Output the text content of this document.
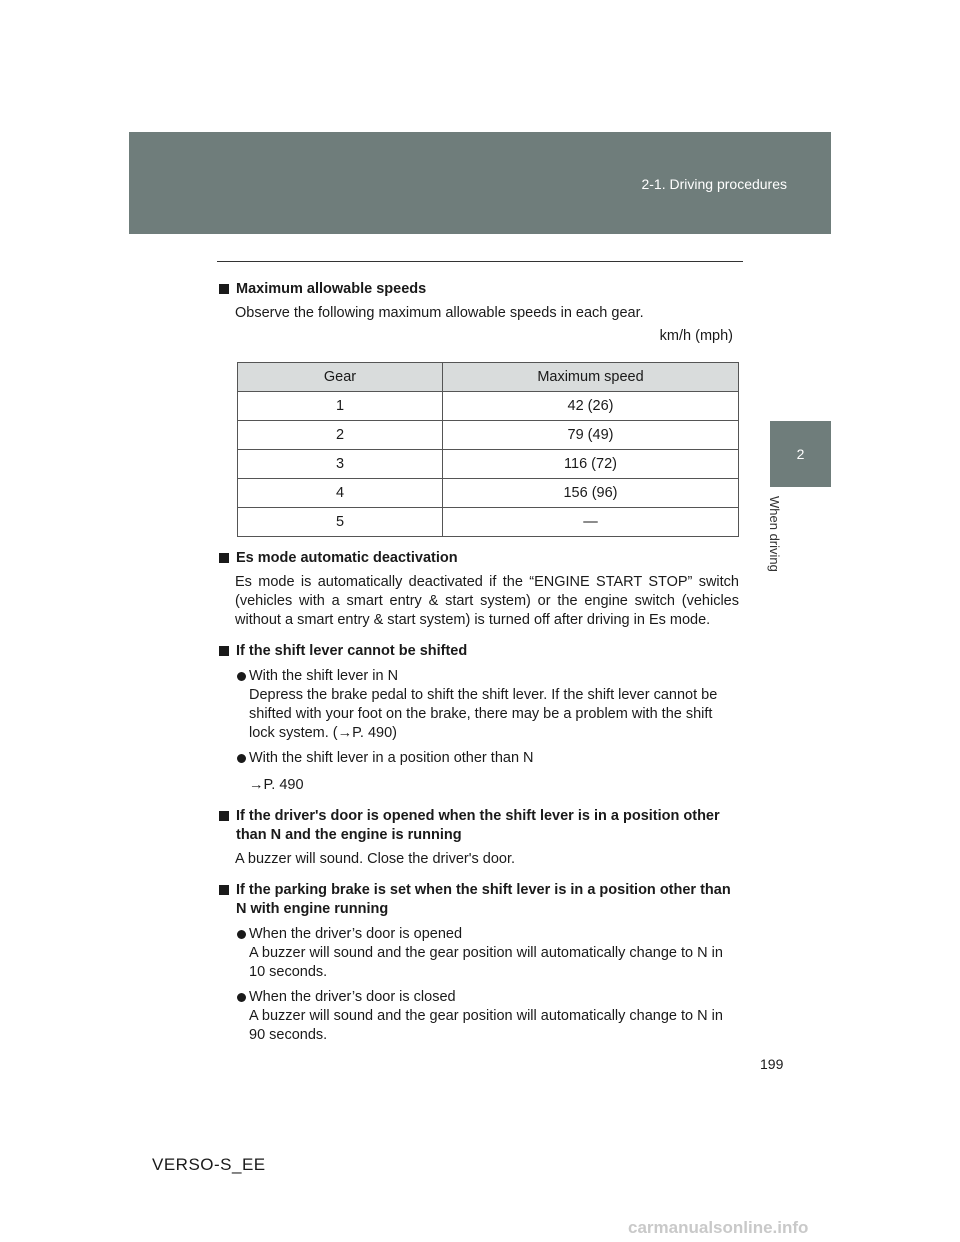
2-1. Driving procedures
2
When driving

Maximum allowable speeds

Observe the following maximum allowable speeds in each gear.

km/h (mph)

Gear	Maximum speed
1	42 (26)
2	79 (49)
3	116 (72)
4	156 (96)
5	—

Es mode automatic deactivation

Es mode is automatically deactivated if the “ENGINE START STOP” switch (vehicles with a smart entry & start system) or the engine switch (vehicles without a smart entry & start system) is turned off after driving in Es mode.

If the shift lever cannot be shifted

With the shift lever in N
Depress the brake pedal to shift the shift lever. If the shift lever cannot be shifted with your foot on the brake, there may be a problem with the shift lock system. (→P. 490)
With the shift lever in a position other than N

→P. 490

If the driver's door is opened when the shift lever is in a position other than N and the engine is running

A buzzer will sound. Close the driver's door.

If the parking brake is set when the shift lever is in a position other than N with engine running

When the driver’s door is opened
A buzzer will sound and the gear position will automatically change to N in 10 seconds.
When the driver’s door is closed
A buzzer will sound and the gear position will automatically change to N in 90 seconds.
199
VERSO-S_EE
carmanualsonline.info
